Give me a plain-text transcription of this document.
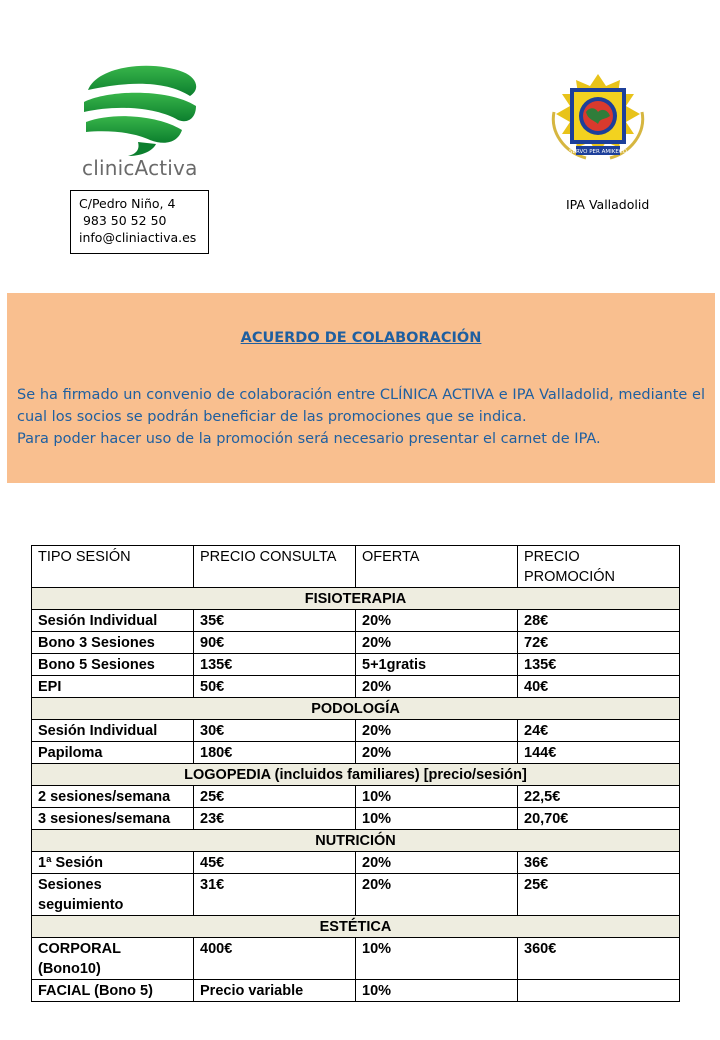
clinicActiva
C/Pedro Niño, 4
983 50 52 50
info@cliniactiva.es
SERVO PER AMIKECO
IPA Valladolid
ACUERDO DE COLABORACIÓN

Se ha firmado un convenio de colaboración entre CLÍNICA ACTIVA e IPA Valladolid, mediante el cual los socios se podrán beneficiar de las promociones que se indica.

Para poder hacer uso de la promoción será necesario presentar el carnet de IPA.

TIPO SESIÓN	PRECIO CONSULTA	OFERTA	PRECIO PROMOCIÓN
FISIOTERAPIA			
Sesión Individual	35€	20%	28€
Bono 3 Sesiones	90€	20%	72€
Bono 5 Sesiones	135€	5+1gratis	135€
EPI	50€	20%	40€
PODOLOGÍA			
Sesión Individual	30€	20%	24€
Papiloma	180€	20%	144€
LOGOPEDIA (incluidos familiares) [precio/sesión]			
2 sesiones/semana	25€	10%	22,5€
3 sesiones/semana	23€	10%	20,70€
NUTRICIÓN			
1ª Sesión	45€	20%	36€
Sesiones seguimiento	31€	20%	25€
ESTÉTICA			
CORPORAL (Bono10)	400€	10%	360€
FACIAL (Bono 5)	Precio variable	10%	
